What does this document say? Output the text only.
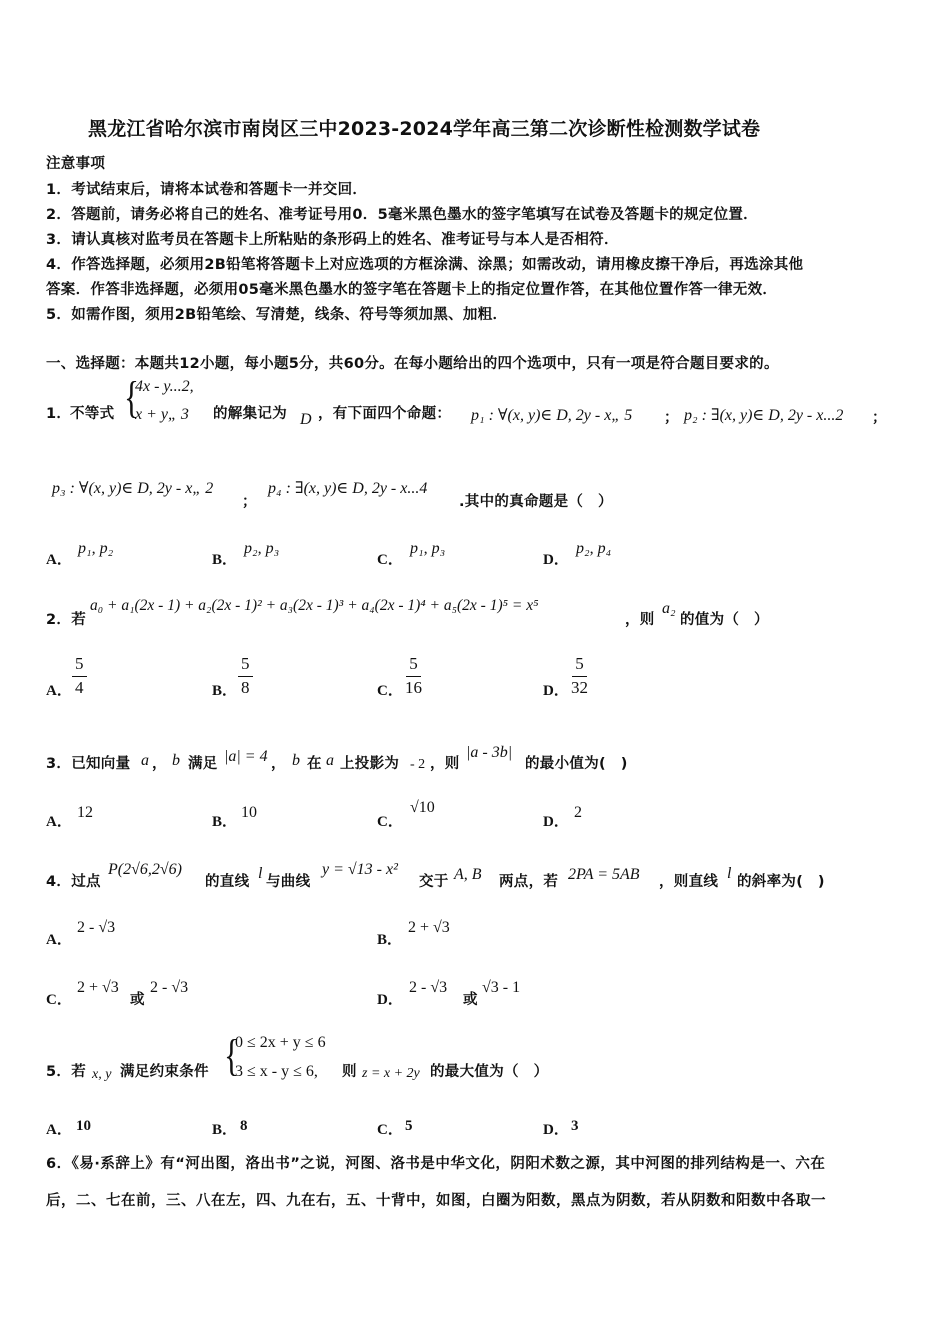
黑龙江省哈尔滨市南岗区三中2023-2024学年高三第二次诊断性检测数学试卷
注意事项
1．考试结束后，请将本试卷和答题卡一并交回．
2．答题前，请务必将自己的姓名、准考证号用0．5毫米黑色墨水的签字笔填写在试卷及答题卡的规定位置．
3．请认真核对监考员在答题卡上所粘贴的条形码上的姓名、准考证号与本人是否相符．
4．作答选择题，必须用2B铅笔将答题卡上对应选项的方框涂满、涂黑；如需改动，请用橡皮擦干净后，再选涂其他
答案．作答非选择题，必须用05毫米黑色墨水的签字笔在答题卡上的指定位置作答，在其他位置作答一律无效．
5．如需作图，须用2B铅笔绘、写清楚，线条、符号等须加黑、加粗．
一、选择题：本题共12小题，每小题5分，共60分。在每小题给出的四个选项中，只有一项是符合题目要求的。
1．
不等式 {
4x - y...2,
x + y„ 3 的解集记为 D ，有下面四个命题： p₁ : ∀(x, y)∈ D, 2y - x„ 5 ； p₂ : ∃(x, y)∈ D, 2y - x...2 ；
p₃ : ∀(x, y)∈ D, 2y - x„ 2
；
p₄ : ∃(x, y)∈ D, 2y - x...4
.其中的真命题是（　）
A．
p₁, p₂
B．
p₂, p₃
C．
p₁, p₃
D．
p₂, p₄
2．若
a₀ + a₁(2x - 1) + a₂(2x - 1)² + a₃(2x - 1)³ + a₄(2x - 1)⁴ + a₅(2x - 1)⁵ = x⁵
，则
a₂
的值为（　）
A． $\frac{5}{4}$	B． $\frac{5}{8}$	C． $\frac{5}{16}$	D． $\frac{5}{32}$
3．已知向量 a ， b 满足 |a| = 4 ， b 在 a 上投影为 - 2 ，则
|a - 3b|
的最小值为(　)
A．
12
B．
10
C．
√10
D．
2
4．过点
P(2√6,2√6)
的直线 l 与曲线
y = √13 - x²
交于 A, B 两点，若 2PA = 5AB ，则直线 l 的斜率为(　)
A．
2 - √3
B．
2 + √3
C．
2 + √3
或
2 - √3
D．
2 - √3
或
√3 - 1
5．若 x, y 满足约束条件 {
0 ≤ 2x + y ≤ 6
3 ≤ x - y ≤ 6, 则 z = x + 2y 的最大值为（　）
A． 10	B． 8	C． 5	D． 3
6．《易·系辞上》有“河出图，洛出书”之说，河图、洛书是中华文化，阴阳术数之源，其中河图的排列结构是一、六在
后，二、七在前，三、八在左，四、九在右，五、十背中，如图，白圈为阳数，黑点为阴数，若从阴数和阳数中各取一
